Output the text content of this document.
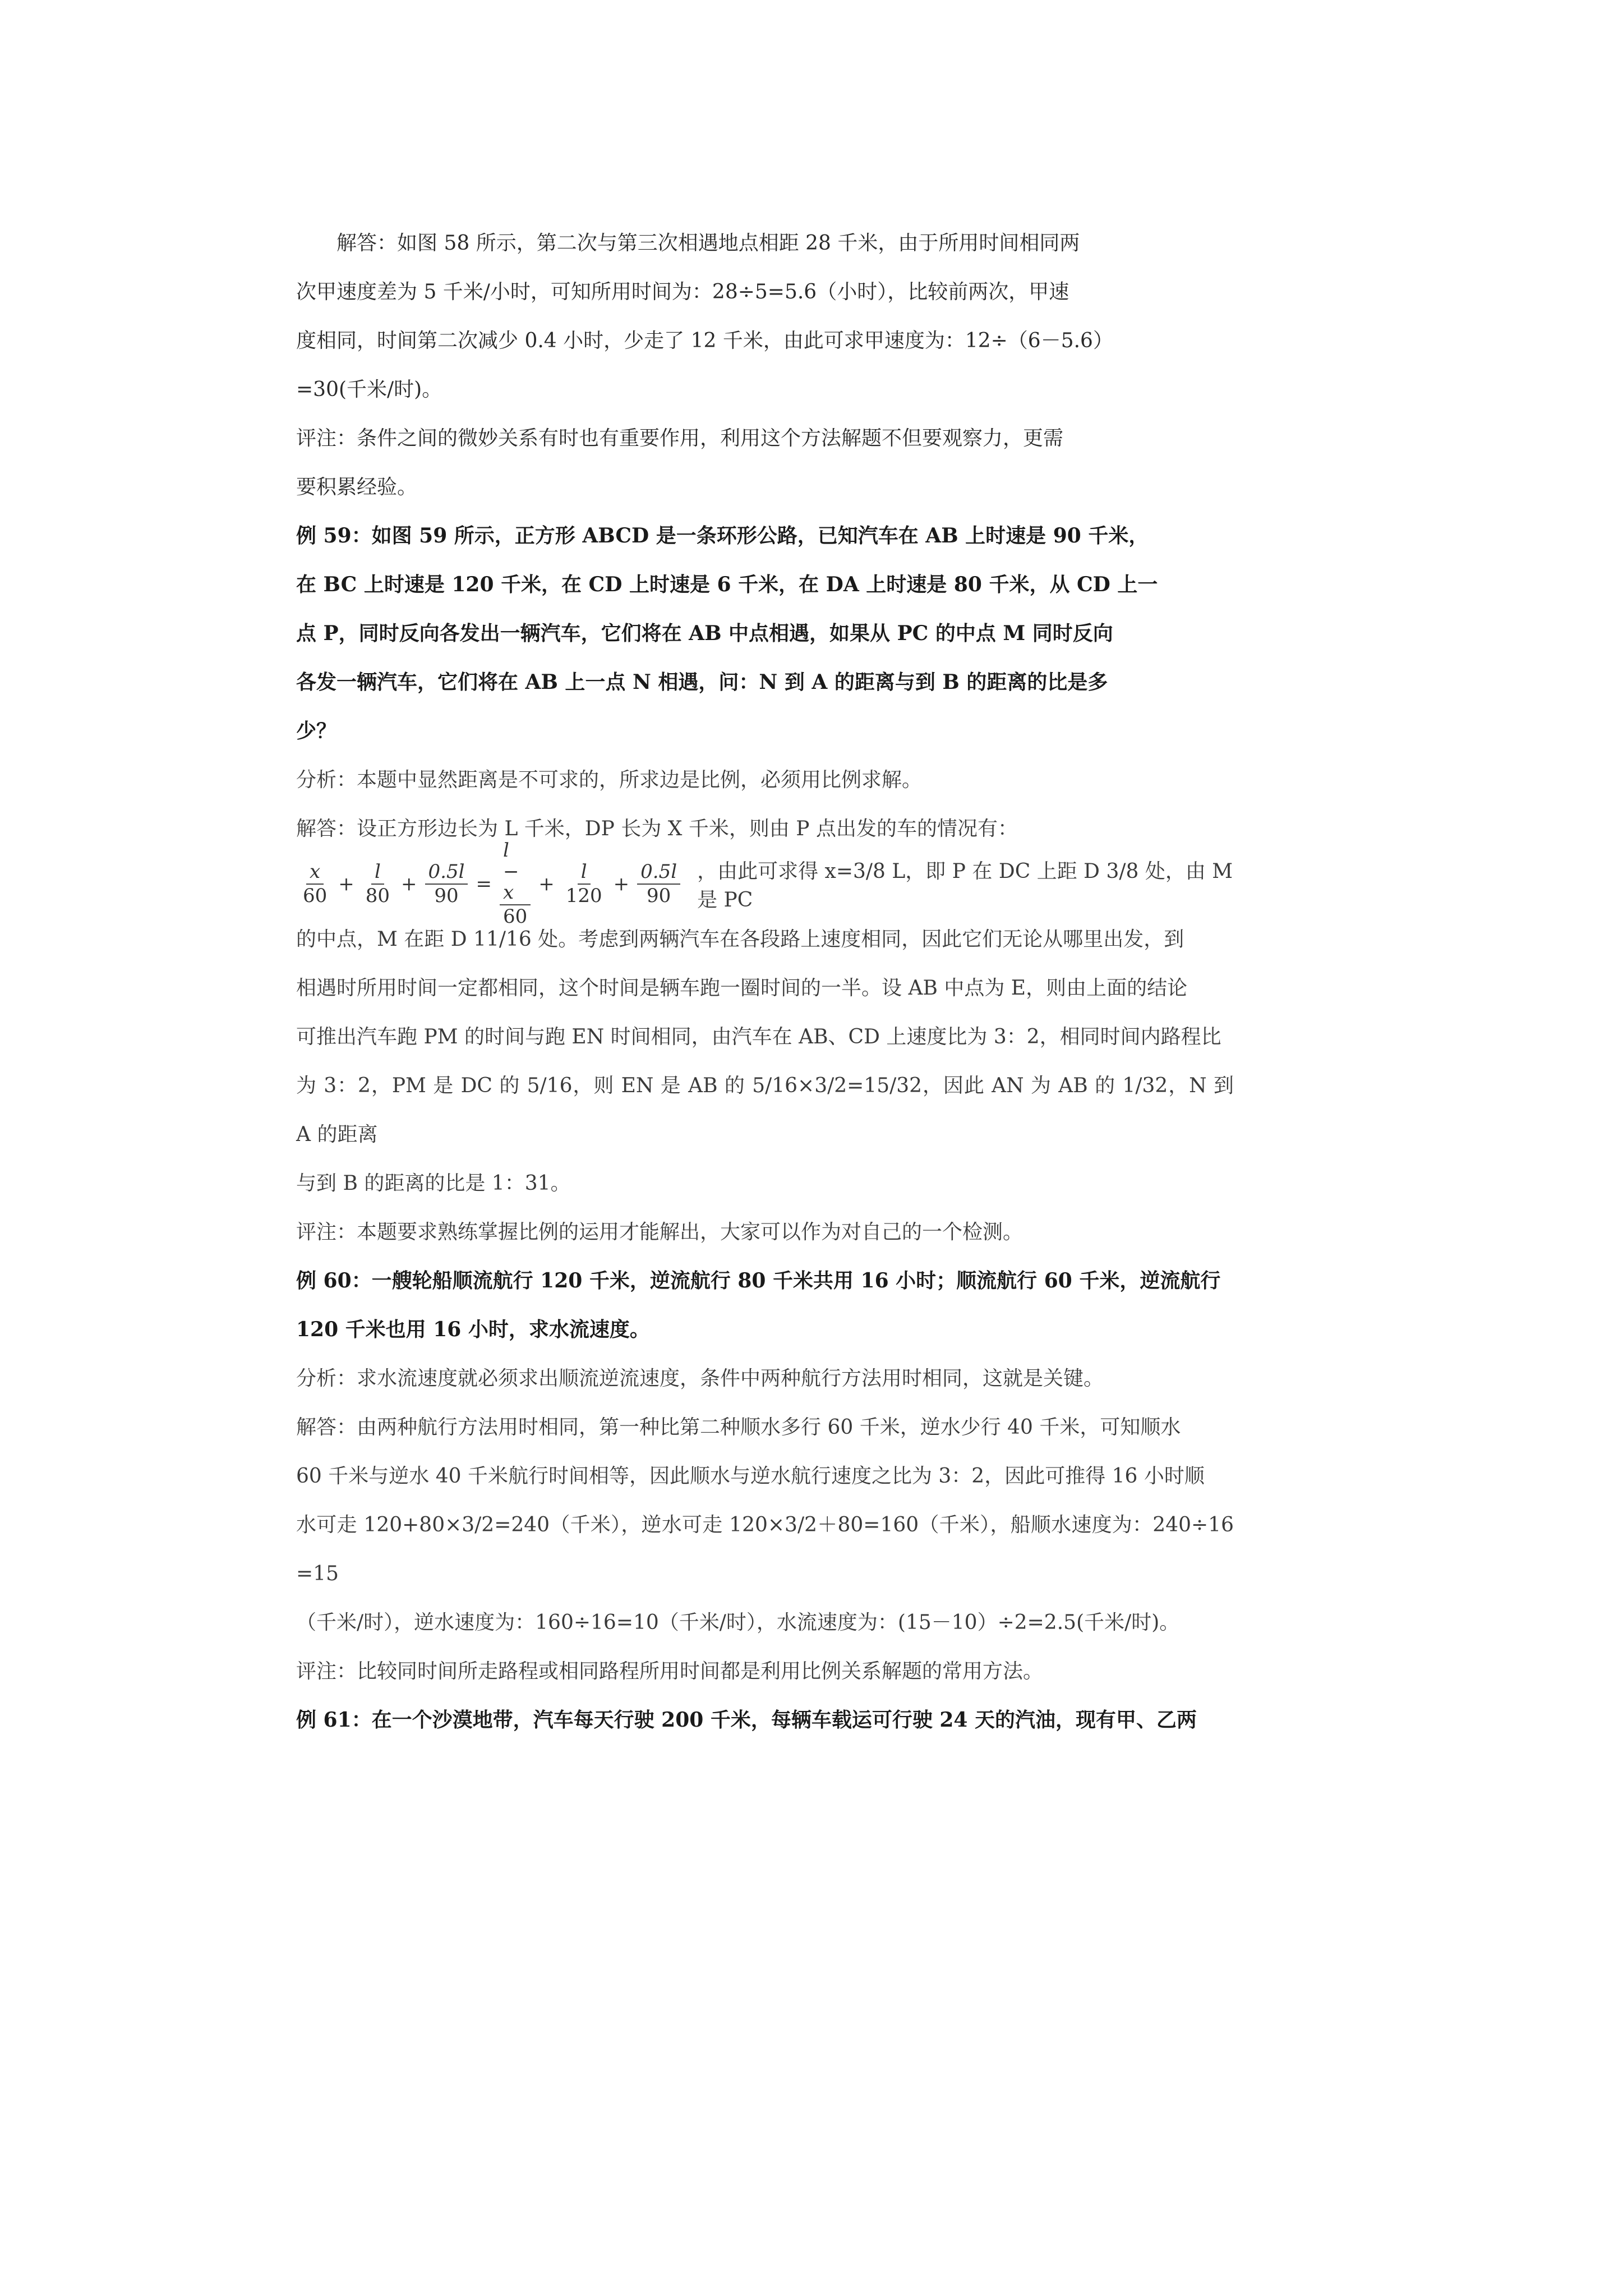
解答：如图 58 所示，第二次与第三次相遇地点相距 28 千米，由于所用时间相同两

次甲速度差为 5 千米/小时，可知所用时间为：28÷5=5.6（小时），比较前两次，甲速

度相同，时间第二次减少 0.4 小时，少走了 12 千米，由此可求甲速度为：12÷（6－5.6）

=30(千米/时)。

评注：条件之间的微妙关系有时也有重要作用，利用这个方法解题不但要观察力，更需

要积累经验。

例 59：如图 59 所示，正方形 ABCD 是一条环形公路，已知汽车在 AB 上时速是 90 千米，

在 BC 上时速是 120 千米，在 CD 上时速是 6 千米，在 DA 上时速是 80 千米，从 CD 上一

点 P，同时反向各发出一辆汽车，它们将在 AB 中点相遇，如果从 PC 的中点 M 同时反向

各发一辆汽车，它们将在 AB 上一点 N 相遇，问：N 到 A 的距离与到 B 的距离的比是多

少？

分析：本题中显然距离是不可求的，所求边是比例，必须用比例求解。

解答：设正方形边长为 L 千米，DP 长为 X 千米，则由 P 点出发的车的情况有：

$\frac{x}{60} + \frac{l}{80} + \frac{0.5l}{90} = \frac{l - x}{60} + \frac{l}{120} + \frac{0.5l}{90}$ ，由此可求得 x=3/8 L，即 P 在 DC 上距 D 3/8 处，由 M 是 PC

的中点，M 在距 D 11/16 处。考虑到两辆汽车在各段路上速度相同，因此它们无论从哪里出发，到

相遇时所用时间一定都相同，这个时间是辆车跑一圈时间的一半。设 AB 中点为 E，则由上面的结论

可推出汽车跑 PM 的时间与跑 EN 时间相同，由汽车在 AB、CD 上速度比为 3：2，相同时间内路程比

为 3：2，PM 是 DC 的 5/16，则 EN 是 AB 的 5/16×3/2=15/32，因此 AN 为 AB 的 1/32，N 到 A 的距离

与到 B 的距离的比是 1：31。

评注：本题要求熟练掌握比例的运用才能解出，大家可以作为对自己的一个检测。

例 60：一艘轮船顺流航行 120 千米，逆流航行 80 千米共用 16 小时；顺流航行 60 千米，逆流航行

120 千米也用 16 小时，求水流速度。

分析：求水流速度就必须求出顺流逆流速度，条件中两种航行方法用时相同，这就是关键。

解答：由两种航行方法用时相同，第一种比第二种顺水多行 60 千米，逆水少行 40 千米，可知顺水

60 千米与逆水 40 千米航行时间相等，因此顺水与逆水航行速度之比为 3：2，因此可推得 16 小时顺

水可走 120+80×3/2=240（千米），逆水可走 120×3/2＋80=160（千米），船顺水速度为：240÷16=15

（千米/时），逆水速度为：160÷16=10（千米/时），水流速度为：(15－10）÷2=2.5(千米/时)。

评注：比较同时间所走路程或相同路程所用时间都是利用比例关系解题的常用方法。

例 61：在一个沙漠地带，汽车每天行驶 200 千米，每辆车载运可行驶 24 天的汽油，现有甲、乙两
